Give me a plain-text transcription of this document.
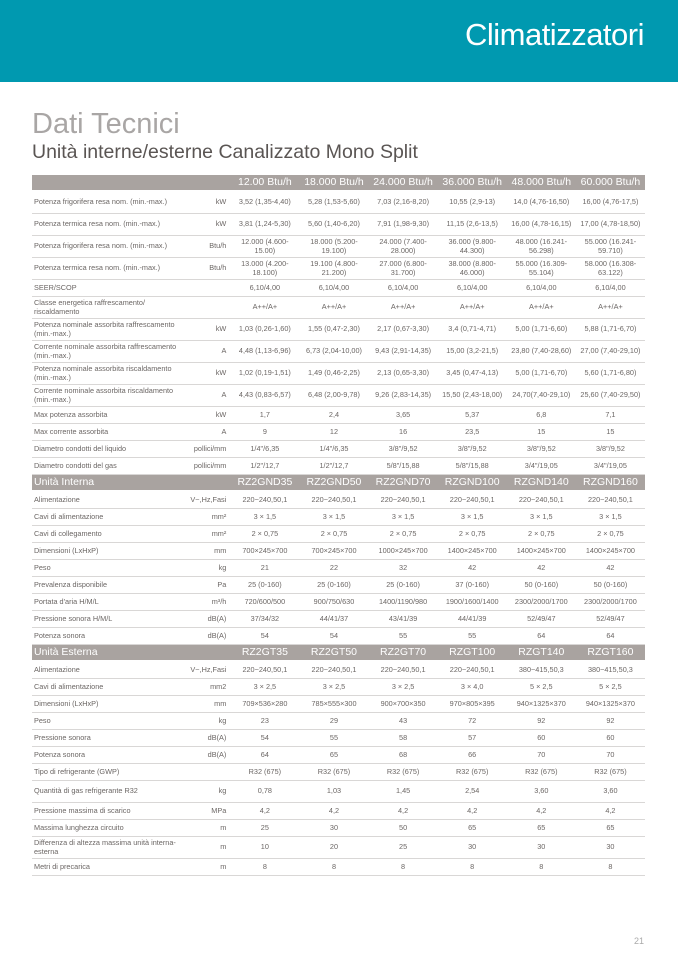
Climatizzatori
Dati Tecnici
Unità interne/esterne Canalizzato Mono Split
		12.00 Btu/h	18.000 Btu/h	24.000 Btu/h	36.000 Btu/h	48.000 Btu/h	60.000 Btu/h
Potenza frigorifera resa nom. (min.-max.)	kW	3,52 (1,35-4,40)	5,28 (1,53-5,60)	7,03 (2,16-8,20)	10,55 (2,9-13)	14,0 (4,76-16,50)	16,00 (4,76-17,5)
Potenza termica resa nom. (min.-max.)	kW	3,81 (1,24-5,30)	5,60 (1,40-6,20)	7,91 (1,98-9,30)	11,15 (2,6-13,5)	16,00 (4,78-16,15)	17,00 (4,78-18,50)
Potenza frigorifera resa nom. (min.-max.)	Btu/h	12.000 (4.600-15.00)	18.000 (5.200-19.100)	24.000 (7.400-28.000)	36.000 (9.800-44.300)	48.000 (16.241-56.298)	55.000 (16.241-59.710)
Potenza termica resa nom. (min.-max.)	Btu/h	13.000 (4.200-18.100)	19.100 (4.800-21.200)	27.000 (6.800-31.700)	38.000 (8.800-46.000)	55.000 (16.309-55.104)	58.000 (16.308-63.122)
SEER/SCOP		6,10/4,00	6,10/4,00	6,10/4,00	6,10/4,00	6,10/4,00	6,10/4,00
Classe energetica raffrescamento/ riscaldamento		A++/A+	A++/A+	A++/A+	A++/A+	A++/A+	A++/A+
Potenza nominale assorbita raffrescamento (min.-max.)	kW	1,03 (0,26-1,60)	1,55 (0,47-2,30)	2,17 (0,67-3,30)	3,4 (0,71-4,71)	5,00 (1,71-6,60)	5,88 (1,71-6,70)
Corrente nominale assorbita raffrescamento (min.-max.)	A	4,48 (1,13-6,96)	6,73 (2,04-10,00)	9,43 (2,91-14,35)	15,00 (3,2-21,5)	23,80 (7,40-28,60)	27,00 (7,40-29,10)
Potenza nominale assorbita riscaldamento (min.-max.)	kW	1,02 (0,19-1,51)	1,49 (0,46-2,25)	2,13 (0,65-3,30)	3,45 (0,47-4,13)	5,00 (1,71-6,70)	5,60 (1,71-6,80)
Corrente nominale assorbita riscaldamento (min.-max.)	A	4,43 (0,83-6,57)	6,48 (2,00-9,78)	9,26 (2,83-14,35)	15,50 (2,43-18,00)	24,70(7,40-29,10)	25,60 (7,40-29,50)
Max potenza assorbita	kW	1,7	2,4	3,65	5,37	6,8	7,1
Max corrente assorbita	A	9	12	16	23,5	15	15
Diametro condotti del liquido	pollici/mm	1/4"/6,35	1/4"/6,35	3/8"/9,52	3/8"/9,52	3/8"/9,52	3/8"/9,52
Diametro condotti del gas	pollici/mm	1/2"/12,7	1/2"/12,7	5/8"/15,88	5/8"/15,88	3/4"/19,05	3/4"/19,05
Unità Interna		RZ2GND35	RZ2GND50	RZ2GND70	RZGND100	RZGND140	RZGND160
Alimentazione	V~,Hz,Fasi	220~240,50,1	220~240,50,1	220~240,50,1	220~240,50,1	220~240,50,1	220~240,50,1
Cavi di alimentazione	mm²	3 × 1,5	3 × 1,5	3 × 1,5	3 × 1,5	3 × 1,5	3 × 1,5
Cavi di collegamento	mm²	2 × 0,75	2 × 0,75	2 × 0,75	2 × 0,75	2 × 0,75	2 × 0,75
Dimensioni (LxHxP)	mm	700×245×700	700×245×700	1000×245×700	1400×245×700	1400×245×700	1400×245×700
Peso	kg	21	22	32	42	42	42
Prevalenza disponibile	Pa	25 (0-160)	25 (0-160)	25 (0-160)	37 (0-160)	50 (0-160)	50 (0-160)
Portata d'aria H/M/L	m³/h	720/600/500	900/750/630	1400/1190/980	1900/1600/1400	2300/2000/1700	2300/2000/1700
Pressione sonora H/M/L	dB(A)	37/34/32	44/41/37	43/41/39	44/41/39	52/49/47	52/49/47
Potenza sonora	dB(A)	54	54	55	55	64	64
Unità Esterna		RZ2GT35	RZ2GT50	RZ2GT70	RZGT100	RZGT140	RZGT160
Alimentazione	V~,Hz,Fasi	220~240,50,1	220~240,50,1	220~240,50,1	220~240,50,1	380~415,50,3	380~415,50,3
Cavi di alimentazione	mm2	3 × 2,5	3 × 2,5	3 × 2,5	3 × 4,0	5 × 2,5	5 × 2,5
Dimensioni (LxHxP)	mm	709×536×280	785×555×300	900×700×350	970×805×395	940×1325×370	940×1325×370
Peso	kg	23	29	43	72	92	92
Pressione sonora	dB(A)	54	55	58	57	60	60
Potenza sonora	dB(A)	64	65	68	66	70	70
Tipo di refrigerante (GWP)		R32 (675)	R32 (675)	R32 (675)	R32 (675)	R32 (675)	R32 (675)
Quantità di gas refrigerante R32	kg	0,78	1,03	1,45	2,54	3,60	3,60
Pressione massima di scarico	MPa	4,2	4,2	4,2	4,2	4,2	4,2
Massima lunghezza circuito	m	25	30	50	65	65	65
Differenza di altezza massima unità interna-esterna	m	10	20	25	30	30	30
Metri di precarica	m	8	8	8	8	8	8
21
